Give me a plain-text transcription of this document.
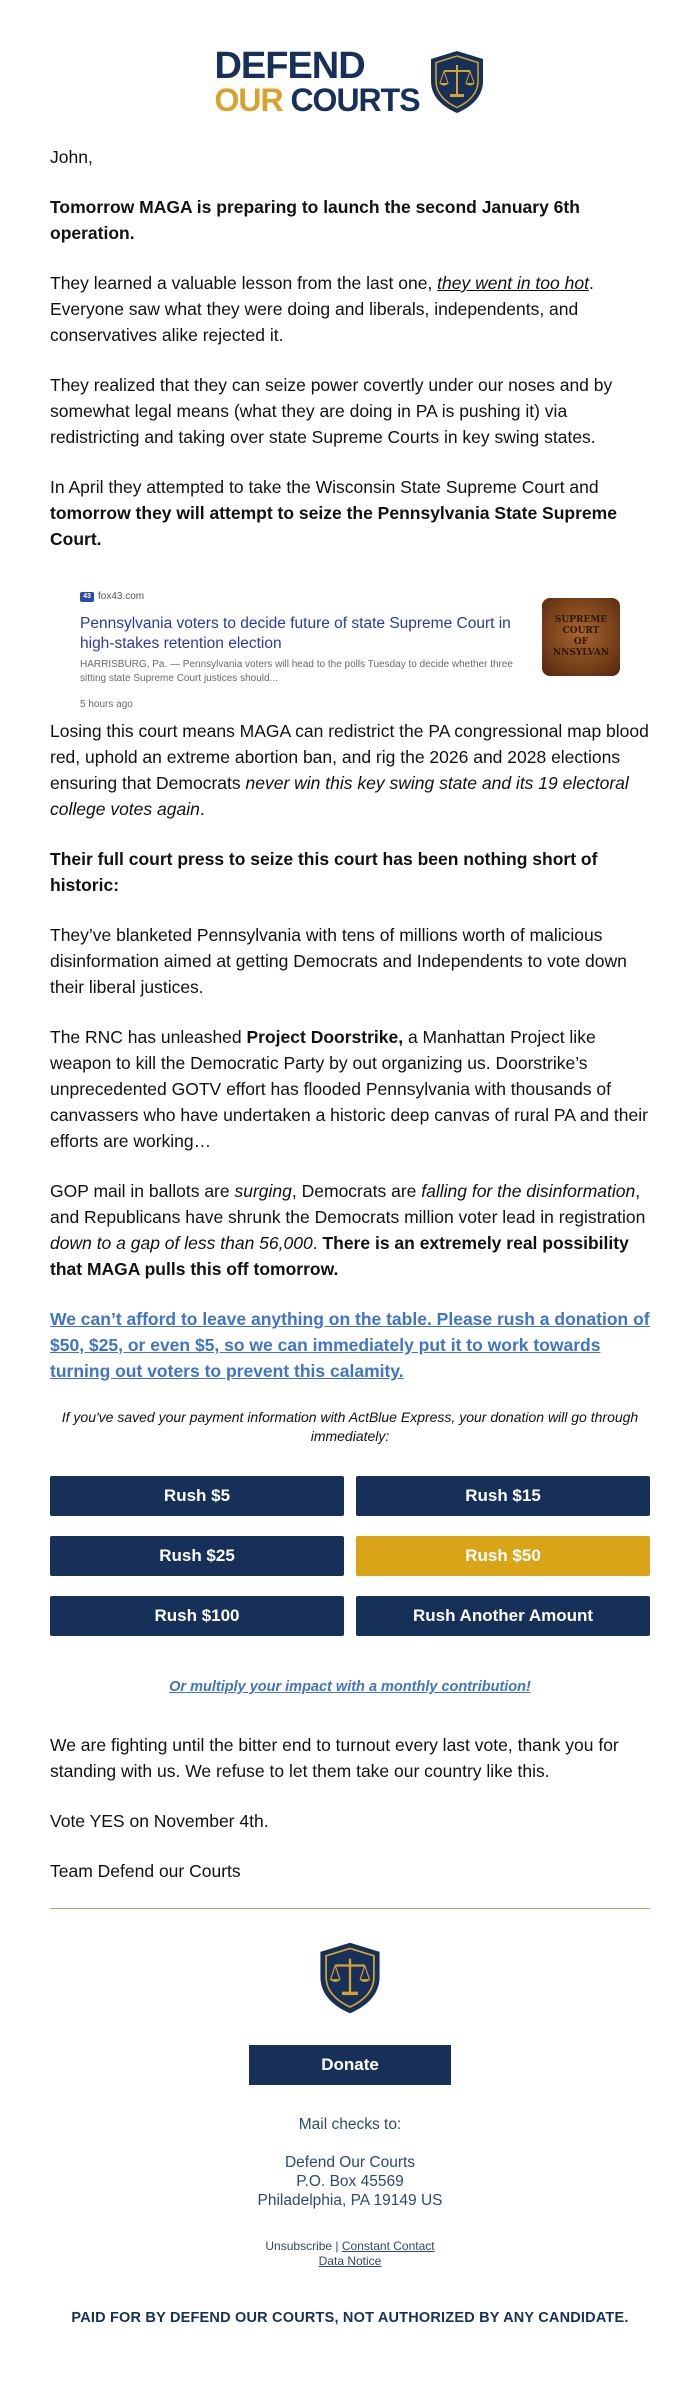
DEFEND
OUR COURTS

John,

Tomorrow MAGA is preparing to launch the second January 6th operation.

They learned a valuable lesson from the last one, they went in too hot. Everyone saw what they were doing and liberals, independents, and conservatives alike rejected it.

They realized that they can seize power covertly under our noses and by somewhat legal means (what they are doing in PA is pushing it) via redistricting and taking over state Supreme Courts in key swing states.

In April they attempted to take the Wisconsin State Supreme Court and tomorrow they will attempt to seize the Pennsylvania State Supreme Court.

43 fox43.com
Pennsylvania voters to decide future of state Supreme Court in high-stakes retention election
HARRISBURG, Pa. — Pennsylvania voters will head to the polls Tuesday to decide whether three sitting state Supreme Court justices should...
5 hours ago
SUPREME
COURT
OF
NNSYLVAN

Losing this court means MAGA can redistrict the PA congressional map blood red, uphold an extreme abortion ban, and rig the 2026 and 2028 elections ensuring that Democrats never win this key swing state and its 19 electoral college votes again.

Their full court press to seize this court has been nothing short of historic:

They’ve blanketed Pennsylvania with tens of millions worth of malicious disinformation aimed at getting Democrats and Independents to vote down their liberal justices.

The RNC has unleashed Project Doorstrike, a Manhattan Project like weapon to kill the Democratic Party by out organizing us. Doorstrike’s unprecedented GOTV effort has flooded Pennsylvania with thousands of canvassers who have undertaken a historic deep canvas of rural PA and their efforts are working…

GOP mail in ballots are surging, Democrats are falling for the disinformation, and Republicans have shrunk the Democrats million voter lead in registration down to a gap of less than 56,000. There is an extremely real possibility that MAGA pulls this off tomorrow.

We can’t afford to leave anything on the table. Please rush a donation of $50, $25, or even $5, so we can immediately put it to work towards turning out voters to prevent this calamity.

If you've saved your payment information with ActBlue Express, your donation will go through immediately:
Rush $5	Rush $15
Rush $25	Rush $50
Rush $100	Rush Another Amount
Or multiply your impact with a monthly contribution!

We are fighting until the bitter end to turnout every last vote, thank you for standing with us. We refuse to let them take our country like this.

Vote YES on November 4th.

Team Defend our Courts

Donate
Mail checks to:
Defend Our Courts
P.O. Box 45569
Philadelphia, PA 19149 US
Unsubscribe | Constant Contact
Data Notice
PAID FOR BY DEFEND OUR COURTS, NOT AUTHORIZED BY ANY CANDIDATE.
